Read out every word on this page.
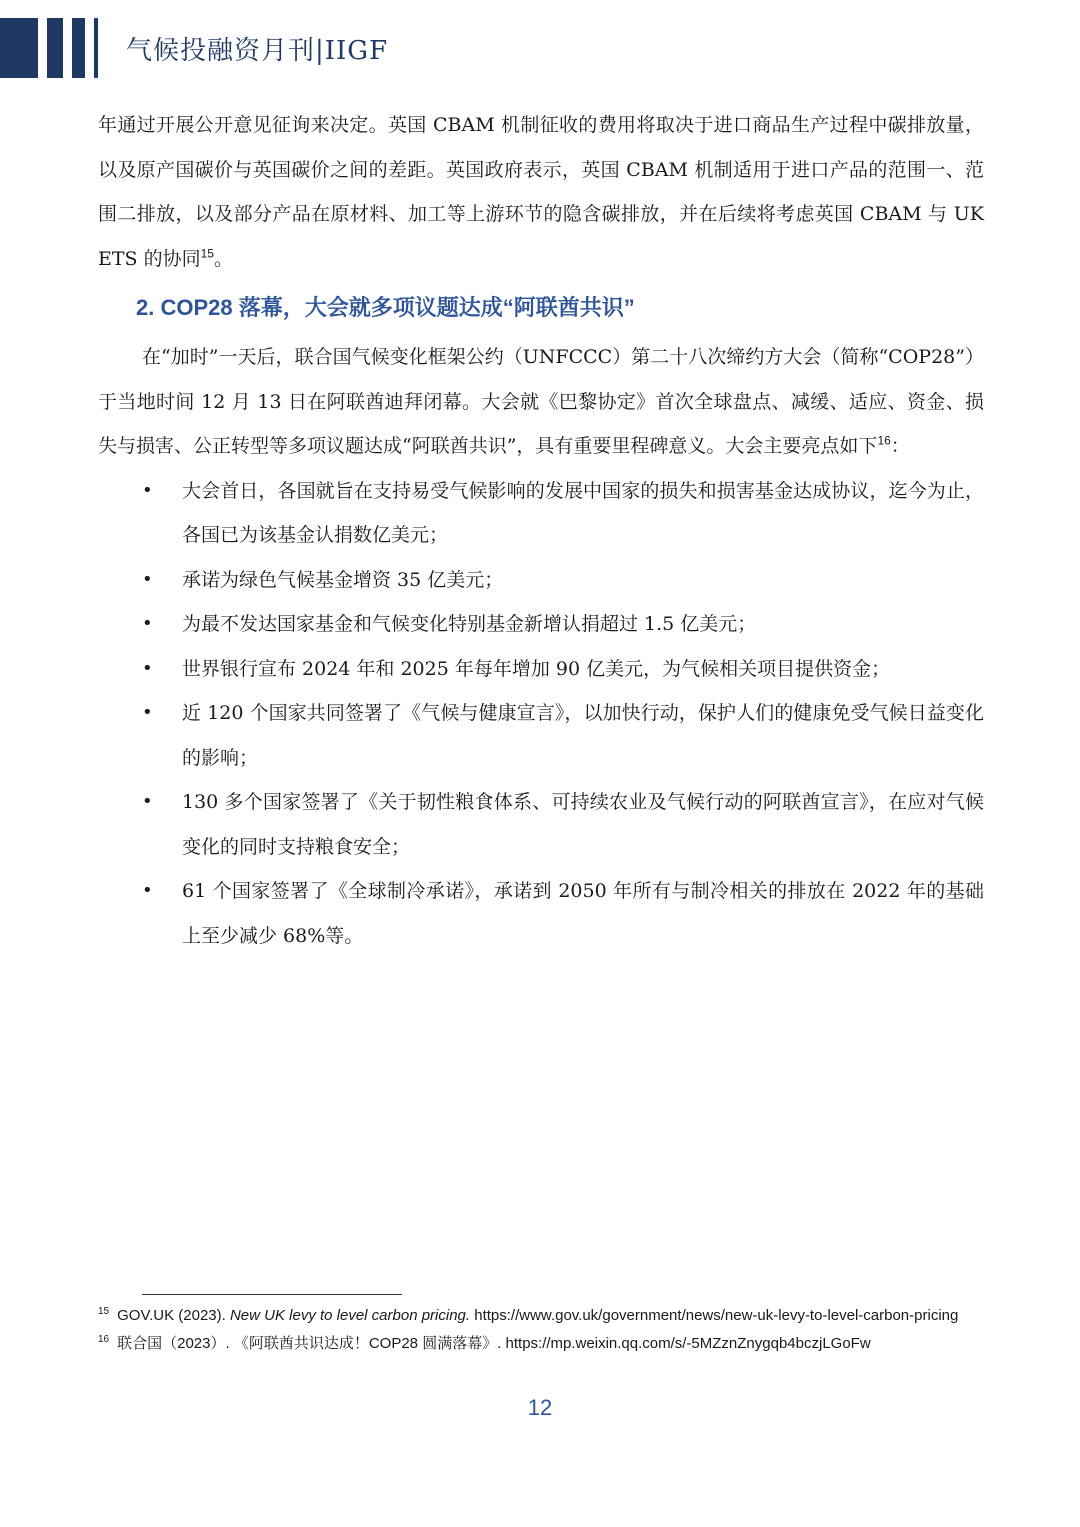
气候投融资月刊|IIGF

年通过开展公开意见征询来决定。英国 CBAM 机制征收的费用将取决于进口商品生产过程中碳排放量，以及原产国碳价与英国碳价之间的差距。英国政府表示，英国 CBAM 机制适用于进口产品的范围一、范围二排放，以及部分产品在原材料、加工等上游环节的隐含碳排放，并在后续将考虑英国 CBAM 与 UK ETS 的协同$^{15}$。

2. COP28 落幕，大会就多项议题达成“阿联酋共识”

在“加时”一天后，联合国气候变化框架公约（UNFCCC）第二十八次缔约方大会（简称“COP28”）于当地时间 12 月 13 日在阿联酋迪拜闭幕。大会就《巴黎协定》首次全球盘点、减缓、适应、资金、损失与损害、公正转型等多项议题达成“阿联酋共识”，具有重要里程碑意义。大会主要亮点如下$^{16}$：

• 大会首日，各国就旨在支持易受气候影响的发展中国家的损失和损害基金达成协议，迄今为止，各国已为该基金认捐数亿美元；
• 承诺为绿色气候基金增资 35 亿美元；
• 为最不发达国家基金和气候变化特别基金新增认捐超过 1.5 亿美元；
• 世界银行宣布 2024 年和 2025 年每年增加 90 亿美元，为气候相关项目提供资金；
• 近 120 个国家共同签署了《气候与健康宣言》，以加快行动，保护人们的健康免受气候日益变化的影响；
• 130 多个国家签署了《关于韧性粮食体系、可持续农业及气候行动的阿联酋宣言》，在应对气候变化的同时支持粮食安全；
• 61 个国家签署了《全球制冷承诺》，承诺到 2050 年所有与制冷相关的排放在 2022 年的基础上至少减少 68%等。

$^{15}$ GOV.UK (2023). New UK levy to level carbon pricing. https://www.gov.uk/government/news/new-uk-levy-to-level-carbon-pricing

$^{16}$ 联合国（2023）. 《阿联酋共识达成！COP28 圆满落幕》. https://mp.weixin.qq.com/s/-5MZznZnygqb4bczjLGoFw

12
